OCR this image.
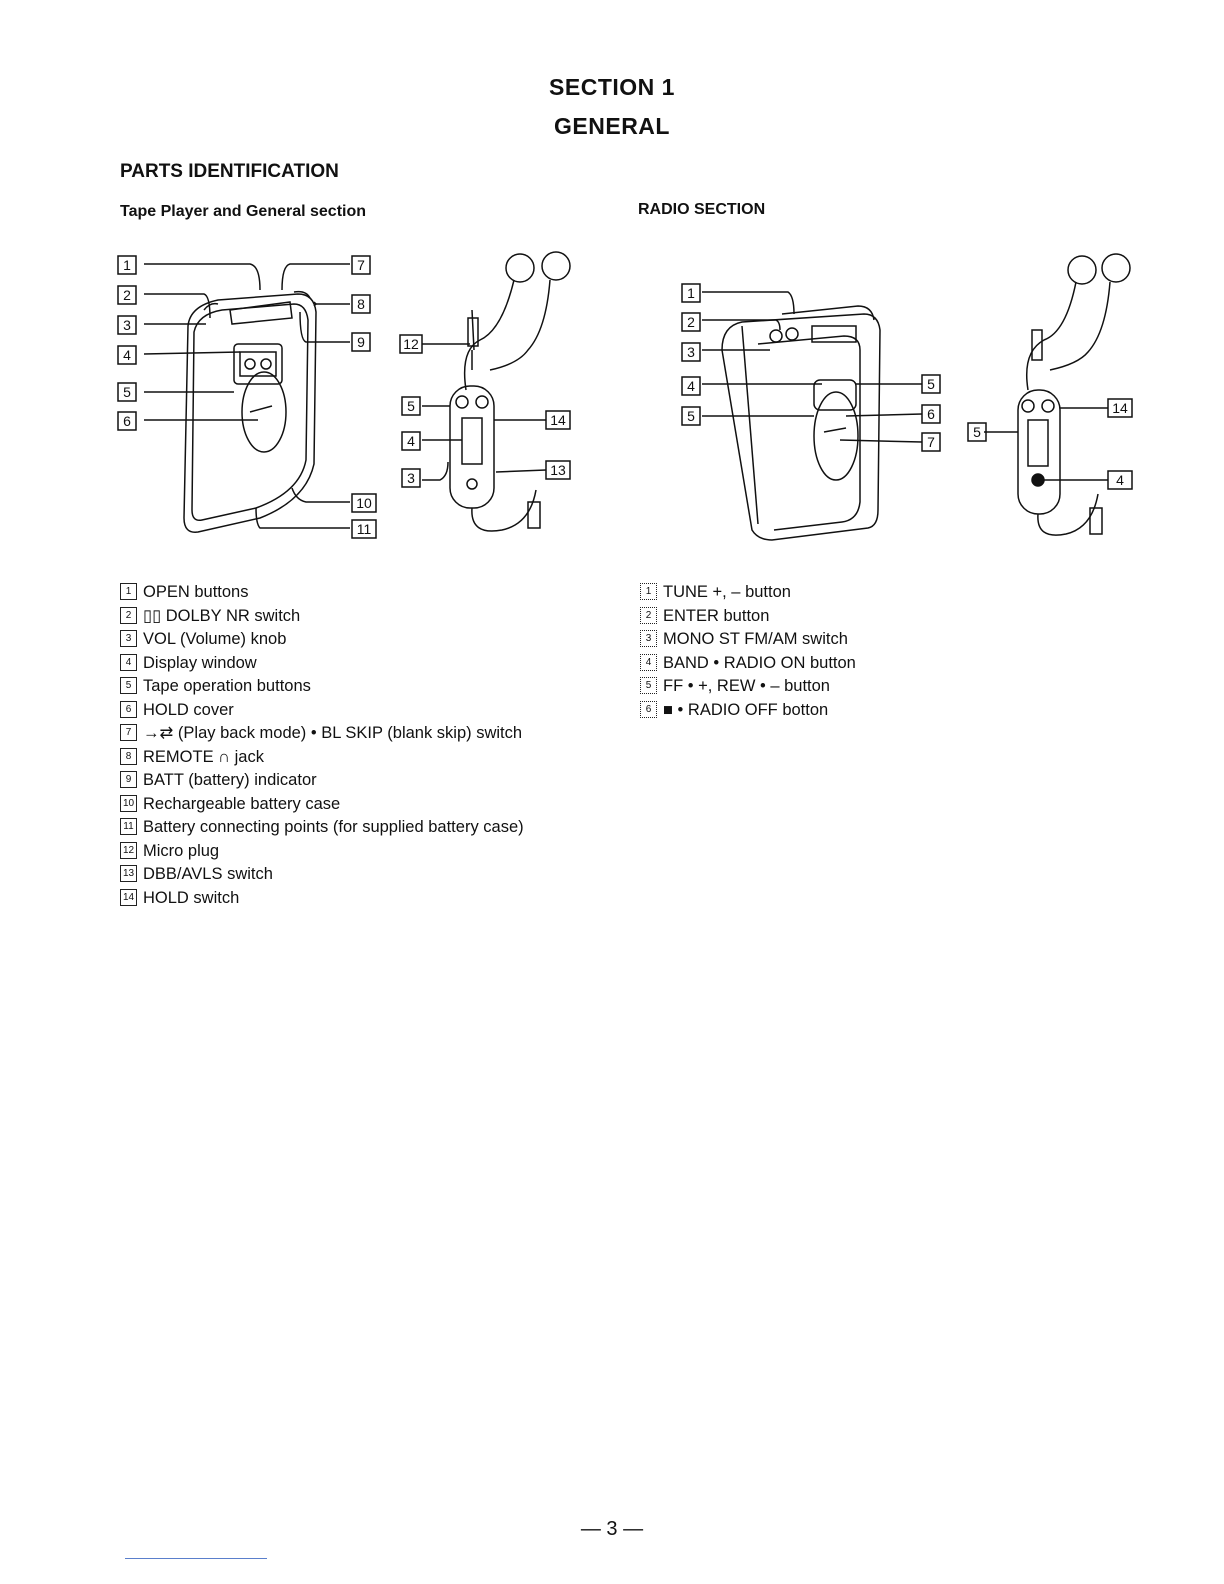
SECTION 1
GENERAL
PARTS IDENTIFICATION
Tape Player and General section	RADIO SECTION
1
2
3
4
5
6
7
8
9
10
11
12
5
4
3
14
13
1
2
3
4
5
5
6
7
5
14
4
1 OPEN buttons
2 ▯▯ DOLBY NR switch
3 VOL (Volume) knob
4 Display window
5 Tape operation buttons
6 HOLD cover
7 →⇄ (Play back mode) • BL SKIP (blank skip) switch
8 REMOTE ∩ jack
9 BATT (battery) indicator
10 Rechargeable battery case
11 Battery connecting points (for supplied battery case)
12 Micro plug
13 DBB/AVLS switch
14 HOLD switch
1 TUNE +, – button
2 ENTER button
3 MONO ST FM/AM switch
4 BAND • RADIO ON button
5 FF • +, REW • – button
6 ■ • RADIO OFF botton
— 3 —
